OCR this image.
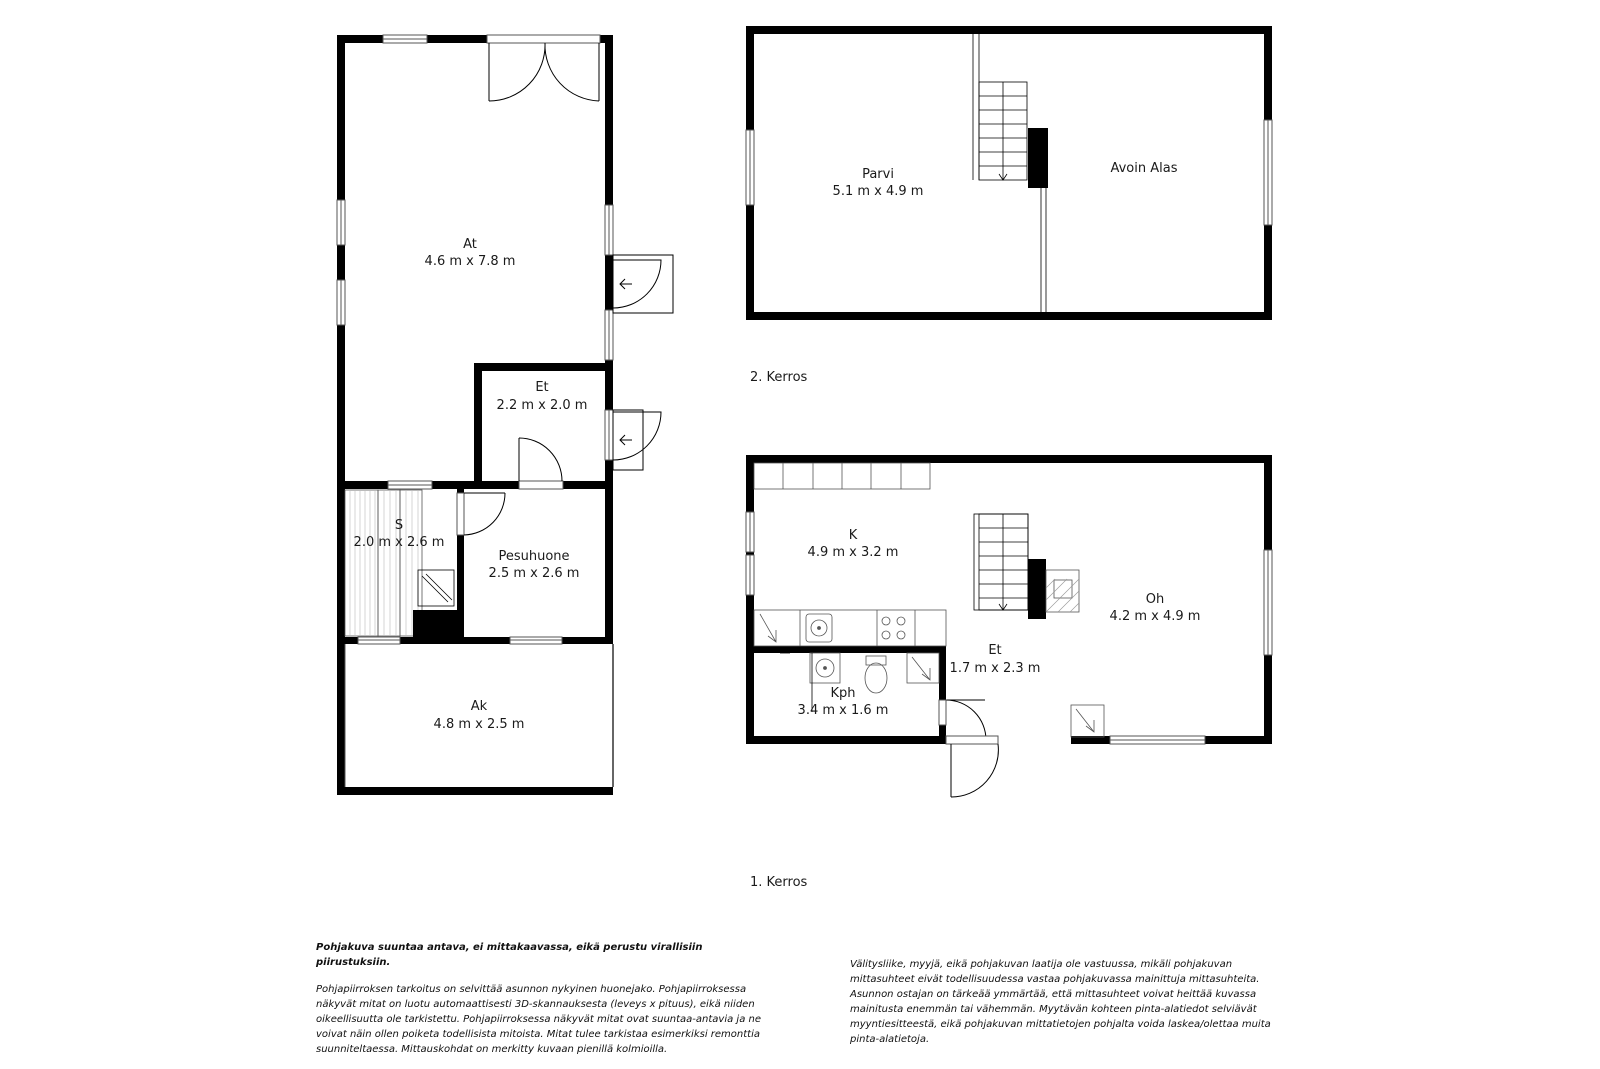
At
4.6 m x 7.8 m
Et
2.2 m x 2.0 m
S
2.0 m x 2.6 m
Pesuhuone
2.5 m x 2.6 m
Ak
4.8 m x 2.5 m
Parvi
5.1 m x 4.9 m
Avoin Alas
K
4.9 m x 3.2 m
Oh
4.2 m x 4.9 m
Et
1.7 m x 2.3 m
Kph
3.4 m x 1.6 m
2. Kerros
1. Kerros

Pohjakuva suuntaa antava, ei mittakaavassa, eikä perustu virallisiin piirustuksiin.

Pohjapiirroksen tarkoitus on selvittää asunnon nykyinen huonejako. Pohjapiirroksessa näkyvät mitat on luotu automaattisesti 3D-skannauksesta (leveys x pituus), eikä niiden oikeellisuutta ole tarkistettu. Pohjapiirroksessa näkyvät mitat ovat suuntaa-antavia ja ne voivat näin ollen poiketa todellisista mitoista. Mitat tulee tarkistaa esimerkiksi remonttia suunniteltaessa. Mittauskohdat on merkitty kuvaan pienillä kolmioilla.

Välitysliike, myyjä, eikä pohjakuvan laatija ole vastuussa, mikäli pohjakuvan mittasuhteet eivät todellisuudessa vastaa pohjakuvassa mainittuja mittasuhteita. Asunnon ostajan on tärkeää ymmärtää, että mittasuhteet voivat heittää kuvassa mainitusta enemmän tai vähemmän. Myytävän kohteen pinta-alatiedot selviävät myyntiesitteestä, eikä pohjakuvan mittatietojen pohjalta voida laskea/olettaa muita pinta-alatietoja.
